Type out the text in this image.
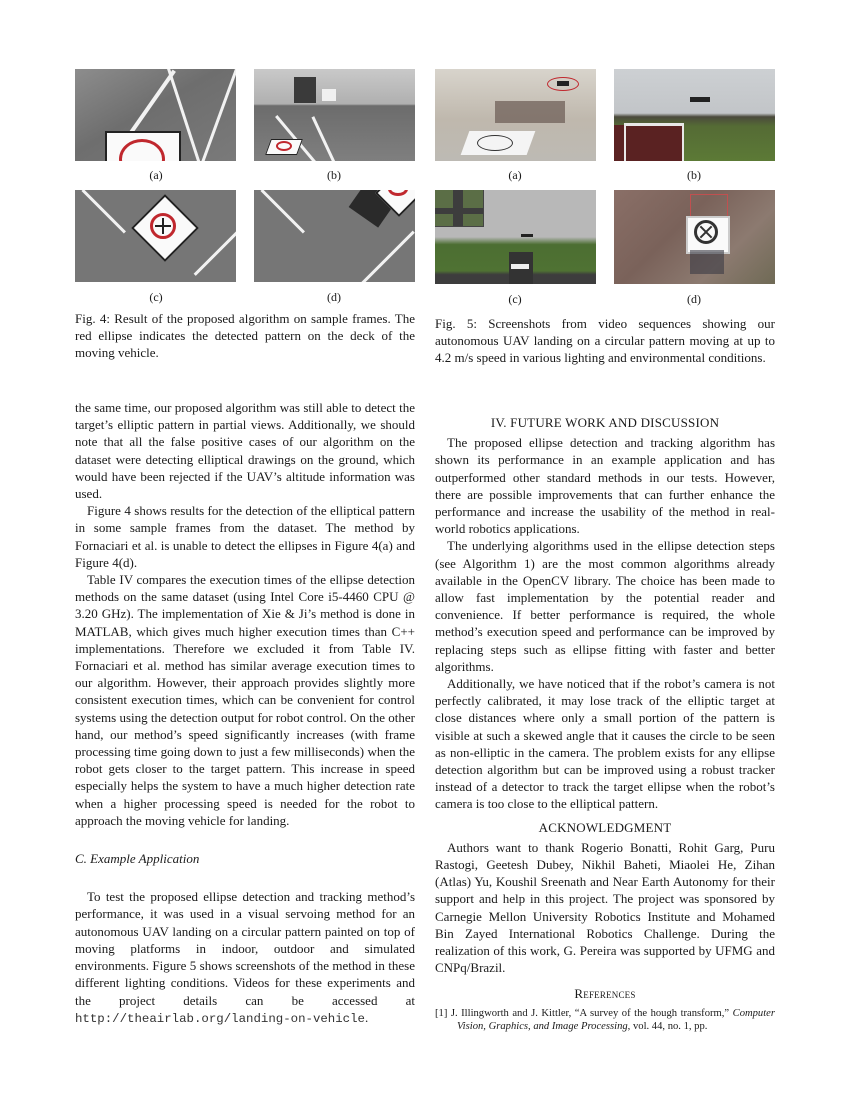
(a)	(b)
(c)	(d)
Fig. 4: Result of the proposed algorithm on sample frames. The red ellipse indicates the detected pattern on the deck of the moving vehicle.
(a)	(b)
(c)	(d)
Fig. 5: Screenshots from video sequences showing our autonomous UAV landing on a circular pattern moving at up to 4.2 m/s speed in various lighting and environmental conditions.

the same time, our proposed algorithm was still able to detect the target’s elliptic pattern in partial views. Additionally, we should note that all the false positive cases of our algorithm on the dataset were detecting elliptical drawings on the ground, which would have been rejected if the UAV’s altitude information was used.

Figure 4 shows results for the detection of the elliptical pattern in some sample frames from the dataset. The method by Fornaciari et al. is unable to detect the ellipses in Figure 4(a) and Figure 4(d).

Table IV compares the execution times of the ellipse detection methods on the same dataset (using Intel Core i5-4460 CPU @ 3.20 GHz). The implementation of Xie & Ji’s method is done in MATLAB, which gives much higher execution times than C++ implementations. Therefore we excluded it from Table IV. Fornaciari et al. method has similar average execution times to our algorithm. However, their approach provides slightly more consistent execution times, which can be convenient for control systems using the detection output for robot control. On the other hand, our method’s speed significantly increases (with frame processing time going down to just a few milliseconds) when the robot gets closer to the target pattern. This increase in speed especially helps the system to have a much higher detection rate when a higher processing speed is needed for the robot to approach the moving vehicle for landing.

C. Example Application

To test the proposed ellipse detection and tracking method’s performance, it was used in a visual servoing method for an autonomous UAV landing on a circular pattern painted on top of moving platforms in indoor, outdoor and simulated environments. Figure 5 shows screenshots of the method in these different lighting conditions. Videos for these experiments and the project details can be accessed at http://theairlab.org/landing-on-vehicle.

IV. FUTURE WORK AND DISCUSSION

The proposed ellipse detection and tracking algorithm has shown its performance in an example application and has outperformed other standard methods in our tests. However, there are possible improvements that can further enhance the performance and increase the usability of the method in real-world robotics applications.

The underlying algorithms used in the ellipse detection steps (see Algorithm 1) are the most common algorithms already available in the OpenCV library. The choice has been made to allow fast implementation by the potential reader and convenience. If better performance is required, the whole method’s execution speed and performance can be improved by replacing steps such as ellipse fitting with faster and better algorithms.

Additionally, we have noticed that if the robot’s camera is not perfectly calibrated, it may lose track of the elliptic target at close distances where only a small portion of the pattern is visible at such a skewed angle that it causes the circle to be seen as non-elliptic in the camera. The problem exists for any ellipse detection algorithm but can be improved using a robust tracker instead of a detector to track the target ellipse when the robot’s camera is too close to the elliptical pattern.

ACKNOWLEDGMENT

Authors want to thank Rogerio Bonatti, Rohit Garg, Puru Rastogi, Geetesh Dubey, Nikhil Baheti, Miaolei He, Zihan (Atlas) Yu, Koushil Sreenath and Near Earth Autonomy for their support and help in this project. The project was sponsored by Carnegie Mellon University Robotics Institute and Mohamed Bin Zayed International Robotics Challenge. During the realization of this work, G. Pereira was supported by UFMG and CNPq/Brazil.

References

[1] J. Illingworth and J. Kittler, “A survey of the hough transform,” Computer Vision, Graphics, and Image Processing, vol. 44, no. 1, pp.
